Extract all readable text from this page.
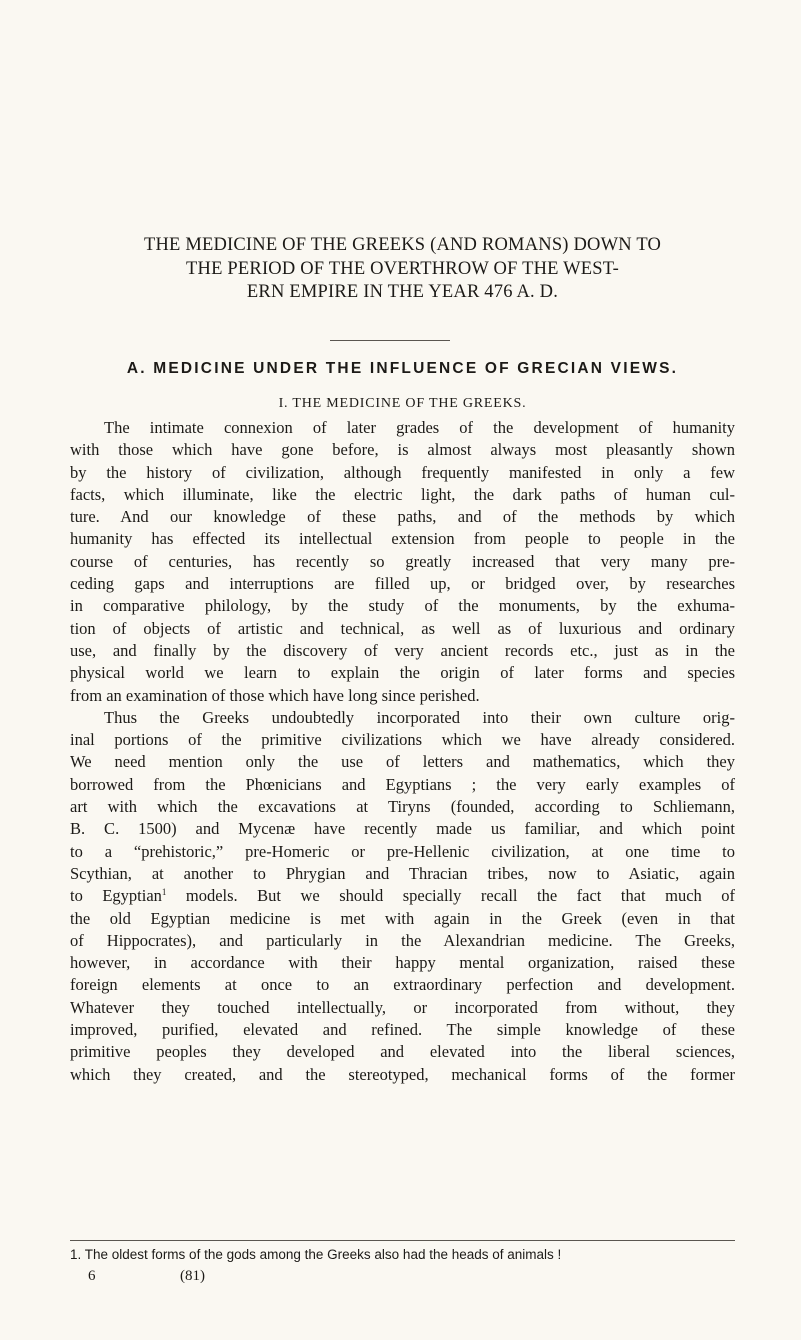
THE MEDICINE OF THE GREEKS (AND ROMANS) DOWN TO
THE PERIOD OF THE OVERTHROW OF THE WEST-
ERN EMPIRE IN THE YEAR 476 A. D.
A. MEDICINE UNDER THE INFLUENCE OF GRECIAN VIEWS.
I. THE MEDICINE OF THE GREEKS.
The intimate connexion of later grades of the development of humanity
with those which have gone before, is almost always most pleasantly shown
by the history of civilization, although frequently manifested in only a few
facts, which illuminate, like the electric light, the dark paths of human cul-
ture. And our knowledge of these paths, and of the methods by which
humanity has effected its intellectual extension from people to people in the
course of centuries, has recently so greatly increased that very many pre-
ceding gaps and interruptions are filled up, or bridged over, by researches
in comparative philology, by the study of the monuments, by the exhuma-
tion of objects of artistic and technical, as well as of luxurious and ordinary
use, and finally by the discovery of very ancient records etc., just as in the
physical world we learn to explain the origin of later forms and species
from an examination of those which have long since perished.
Thus the Greeks undoubtedly incorporated into their own culture orig-
inal portions of the primitive civilizations which we have already considered.
We need mention only the use of letters and mathematics, which they
borrowed from the Phœnicians and Egyptians ; the very early examples of
art with which the excavations at Tiryns (founded, according to Schliemann,
B. C. 1500) and Mycenæ have recently made us familiar, and which point
to a “prehistoric,” pre-Homeric or pre-Hellenic civilization, at one time to
Scythian, at another to Phrygian and Thracian tribes, now to Asiatic, again
to Egyptian$^1$ models. But we should specially recall the fact that much of
the old Egyptian medicine is met with again in the Greek (even in that
of Hippocrates), and particularly in the Alexandrian medicine. The Greeks,
however, in accordance with their happy mental organization, raised these
foreign elements at once to an extraordinary perfection and development.
Whatever they touched intellectually, or incorporated from without, they
improved, purified, elevated and refined. The simple knowledge of these
primitive peoples they developed and elevated into the liberal sciences,
which they created, and the stereotyped, mechanical forms of the former

1. The oldest forms of the gods among the Greeks also had the heads of animals !

6	(81)
